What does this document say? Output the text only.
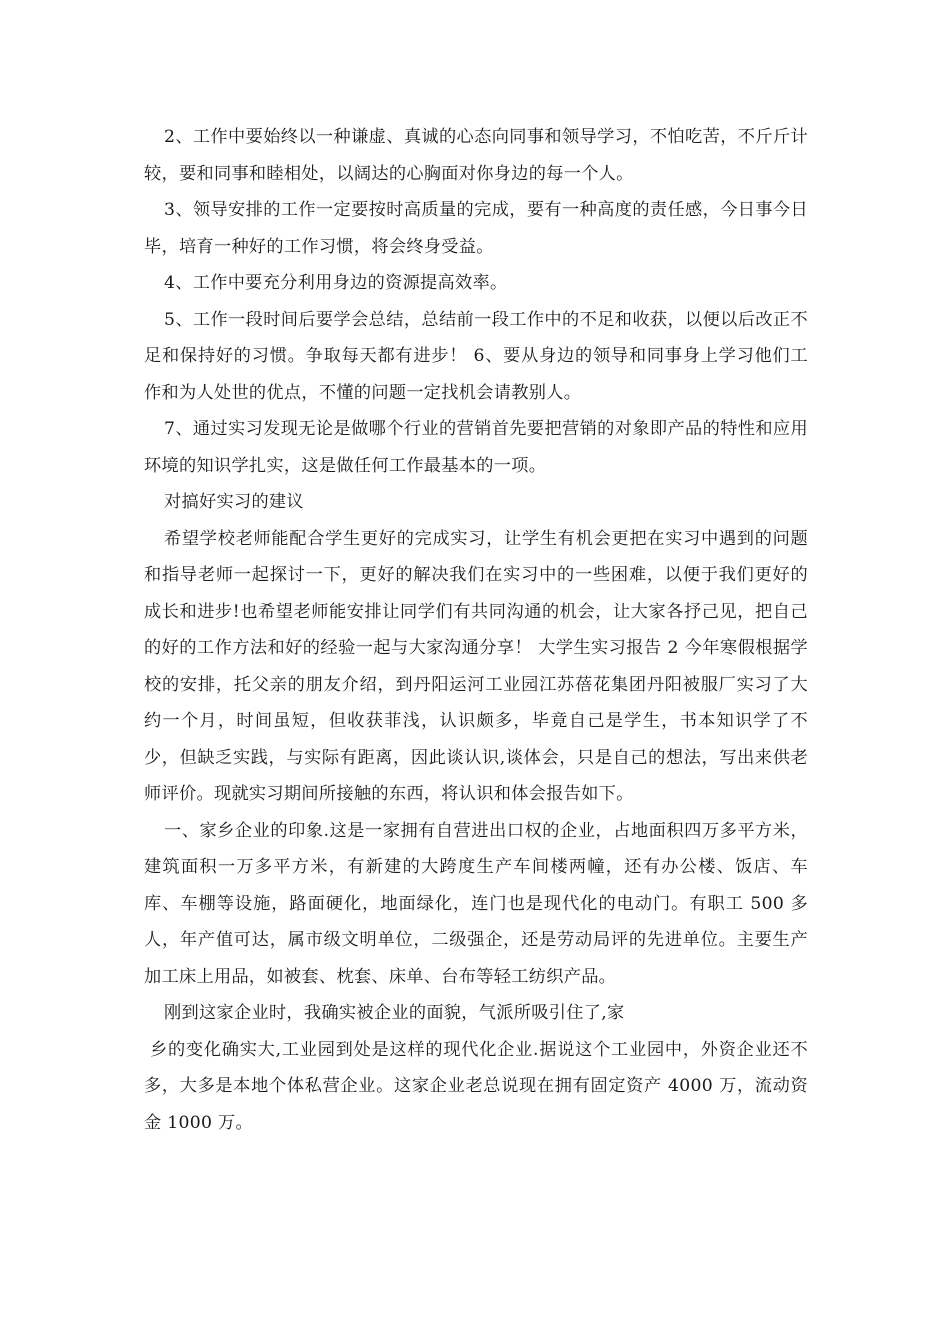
2、工作中要始终以一种谦虚、真诚的心态向同事和领导学习，不怕吃苦，不斤斤计较，要和同事和睦相处，以阔达的心胸面对你身边的每一个人。

3、领导安排的工作一定要按时高质量的完成，要有一种高度的责任感，今日事今日毕，培育一种好的工作习惯，将会终身受益。

4、工作中要充分利用身边的资源提高效率。

5、工作一段时间后要学会总结，总结前一段工作中的不足和收获，以便以后改正不足和保持好的习惯。争取每天都有进步！ 6、要从身边的领导和同事身上学习他们工作和为人处世的优点，不懂的问题一定找机会请教别人。

7、通过实习发现无论是做哪个行业的营销首先要把营销的对象即产品的特性和应用环境的知识学扎实，这是做任何工作最基本的一项。

对搞好实习的建议

希望学校老师能配合学生更好的完成实习，让学生有机会更把在实习中遇到的问题和指导老师一起探讨一下，更好的解决我们在实习中的一些困难，以便于我们更好的成长和进步!也希望老师能安排让同学们有共同沟通的机会，让大家各抒己见，把自己的好的工作方法和好的经验一起与大家沟通分享！ 大学生实习报告 2 今年寒假根据学校的安排，托父亲的朋友介绍，到丹阳运河工业园江苏蓓花集团丹阳被服厂实习了大约一个月，时间虽短，但收获菲浅，认识颇多，毕竟自己是学生，书本知识学了不少，但缺乏实践，与实际有距离，因此谈认识,谈体会，只是自己的想法，写出来供老师评价。现就实习期间所接触的东西，将认识和体会报告如下。

一、家乡企业的印象.这是一家拥有自营进出口权的企业，占地面积四万多平方米，建筑面积一万多平方米，有新建的大跨度生产车间楼两幢，还有办公楼、饭店、车库、车棚等设施，路面硬化，地面绿化，连门也是现代化的电动门。有职工 500 多人，年产值可达，属市级文明单位，二级强企，还是劳动局评的先进单位。主要生产加工床上用品，如被套、枕套、床单、台布等轻工纺织产品。

刚到这家企业时，我确实被企业的面貌，气派所吸引住了,家

乡的变化确实大,工业园到处是这样的现代化企业.据说这个工业园中，外资企业还不多，大多是本地个体私营企业。这家企业老总说现在拥有固定资产 4000 万，流动资金 1000 万。
